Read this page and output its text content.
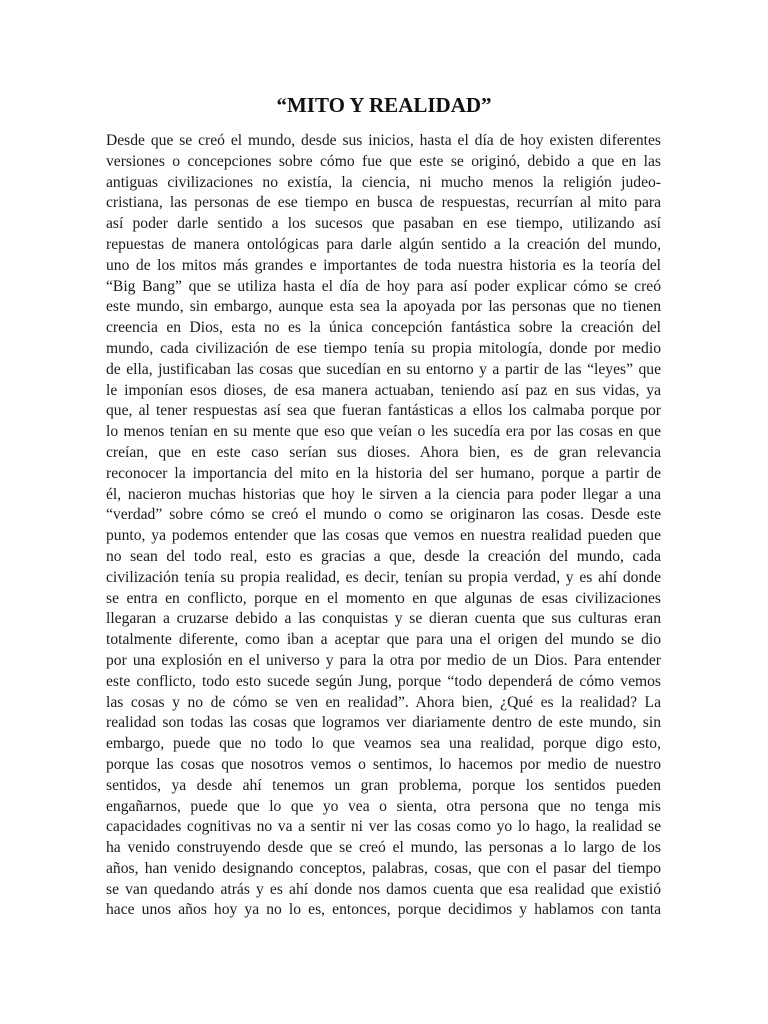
“MITO Y REALIDAD”
Desde que se creó el mundo, desde sus inicios, hasta el día de hoy existen diferentes
versiones o concepciones sobre cómo fue que este se originó, debido a que en las
antiguas civilizaciones no existía, la ciencia, ni mucho menos la religión judeo-
cristiana, las personas de ese tiempo en busca de respuestas, recurrían al mito para
así poder darle sentido a los sucesos que pasaban en ese tiempo, utilizando así
repuestas de manera ontológicas para darle algún sentido a la creación del mundo,
uno de los mitos más grandes e importantes de toda nuestra historia es la teoría del
“Big Bang” que se utiliza hasta el día de hoy para así poder explicar cómo se creó
este mundo, sin embargo, aunque esta sea la apoyada por las personas que no tienen
creencia en Dios, esta no es la única concepción fantástica sobre la creación del
mundo, cada civilización de ese tiempo tenía su propia mitología, donde por medio
de ella, justificaban las cosas que sucedían en su entorno y a partir de las “leyes” que
le imponían esos dioses, de esa manera actuaban, teniendo así paz en sus vidas, ya
que, al tener respuestas así sea que fueran fantásticas a ellos los calmaba porque por
lo menos tenían en su mente que eso que veían o les sucedía era por las cosas en que
creían, que en este caso serían sus dioses. Ahora bien, es de gran relevancia
reconocer la importancia del mito en la historia del ser humano, porque a partir de
él, nacieron muchas historias que hoy le sirven a la ciencia para poder llegar a una
“verdad” sobre cómo se creó el mundo o como se originaron las cosas. Desde este
punto, ya podemos entender que las cosas que vemos en nuestra realidad pueden que
no sean del todo real, esto es gracias a que, desde la creación del mundo, cada
civilización tenía su propia realidad, es decir, tenían su propia verdad, y es ahí donde
se entra en conflicto, porque en el momento en que algunas de esas civilizaciones
llegaran a cruzarse debido a las conquistas y se dieran cuenta que sus culturas eran
totalmente diferente, como iban a aceptar que para una el origen del mundo se dio
por una explosión en el universo y para la otra por medio de un Dios. Para entender
este conflicto, todo esto sucede según Jung, porque “todo dependerá de cómo vemos
las cosas y no de cómo se ven en realidad”. Ahora bien, ¿Qué es la realidad? La
realidad son todas las cosas que logramos ver diariamente dentro de este mundo, sin
embargo, puede que no todo lo que veamos sea una realidad, porque digo esto,
porque las cosas que nosotros vemos o sentimos, lo hacemos por medio de nuestro
sentidos, ya desde ahí tenemos un gran problema, porque los sentidos pueden
engañarnos, puede que lo que yo vea o sienta, otra persona que no tenga mis
capacidades cognitivas no va a sentir ni ver las cosas como yo lo hago, la realidad se
ha venido construyendo desde que se creó el mundo, las personas a lo largo de los
años, han venido designando conceptos, palabras, cosas, que con el pasar del tiempo
se van quedando atrás y es ahí donde nos damos cuenta que esa realidad que existió
hace unos años hoy ya no lo es, entonces, porque decidimos y hablamos con tanta
